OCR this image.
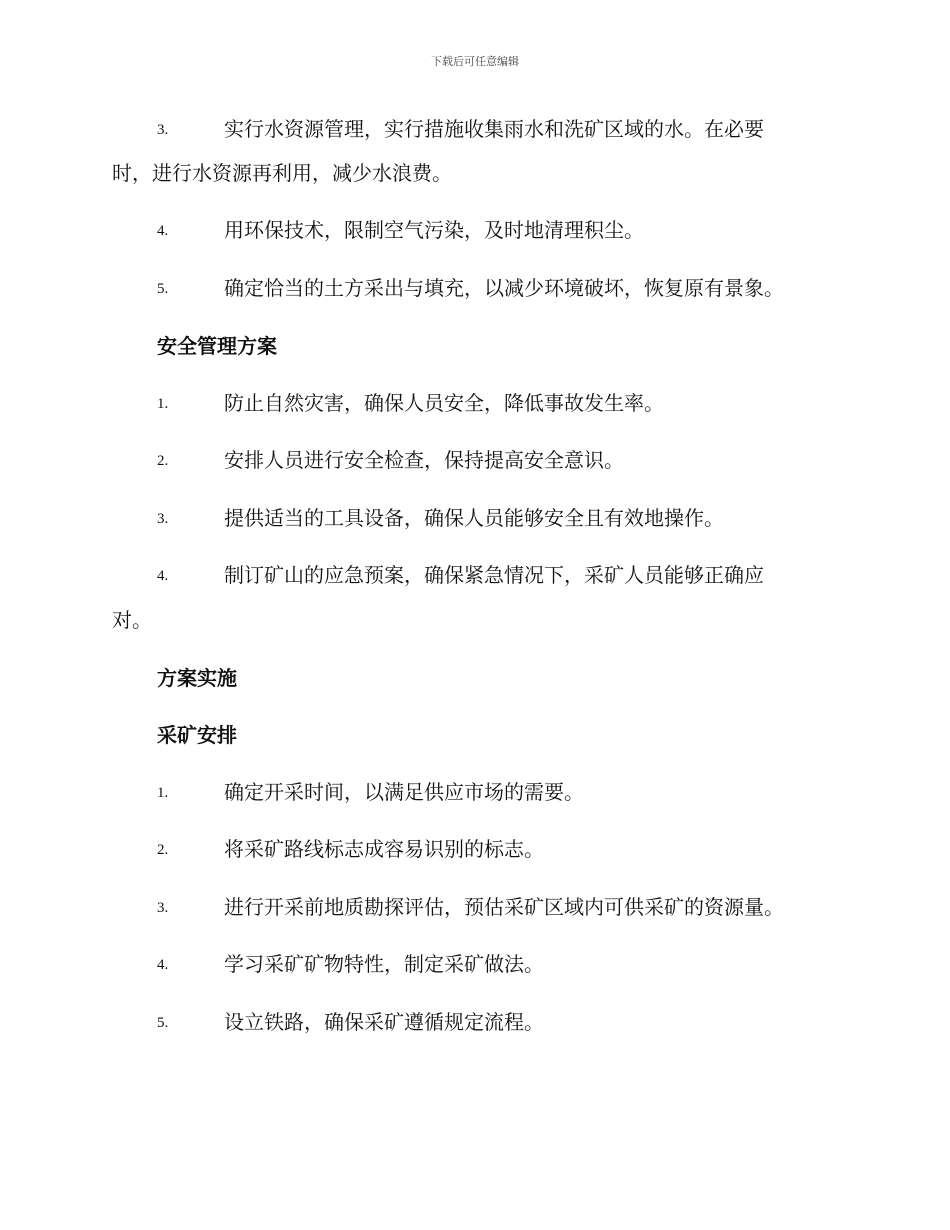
下载后可任意编辑
3.	实行水资源管理，实行措施收集雨水和洗矿区域的水。在必要
时，进行水资源再利用，减少水浪费。
4.	用环保技术，限制空气污染，及时地清理积尘。
5.	确定恰当的土方采出与填充，以减少环境破坏，恢复原有景象。
安全管理方案
1.	防止自然灾害，确保人员安全，降低事故发生率。
2.	安排人员进行安全检查，保持提高安全意识。
3.	提供适当的工具设备，确保人员能够安全且有效地操作。
4.	制订矿山的应急预案，确保紧急情况下，采矿人员能够正确应
对。
方案实施
采矿安排
1.	确定开采时间，以满足供应市场的需要。
2.	将采矿路线标志成容易识别的标志。
3.	进行开采前地质勘探评估，预估采矿区域内可供采矿的资源量。
4.	学习采矿矿物特性，制定采矿做法。
5.	设立铁路，确保采矿遵循规定流程。
